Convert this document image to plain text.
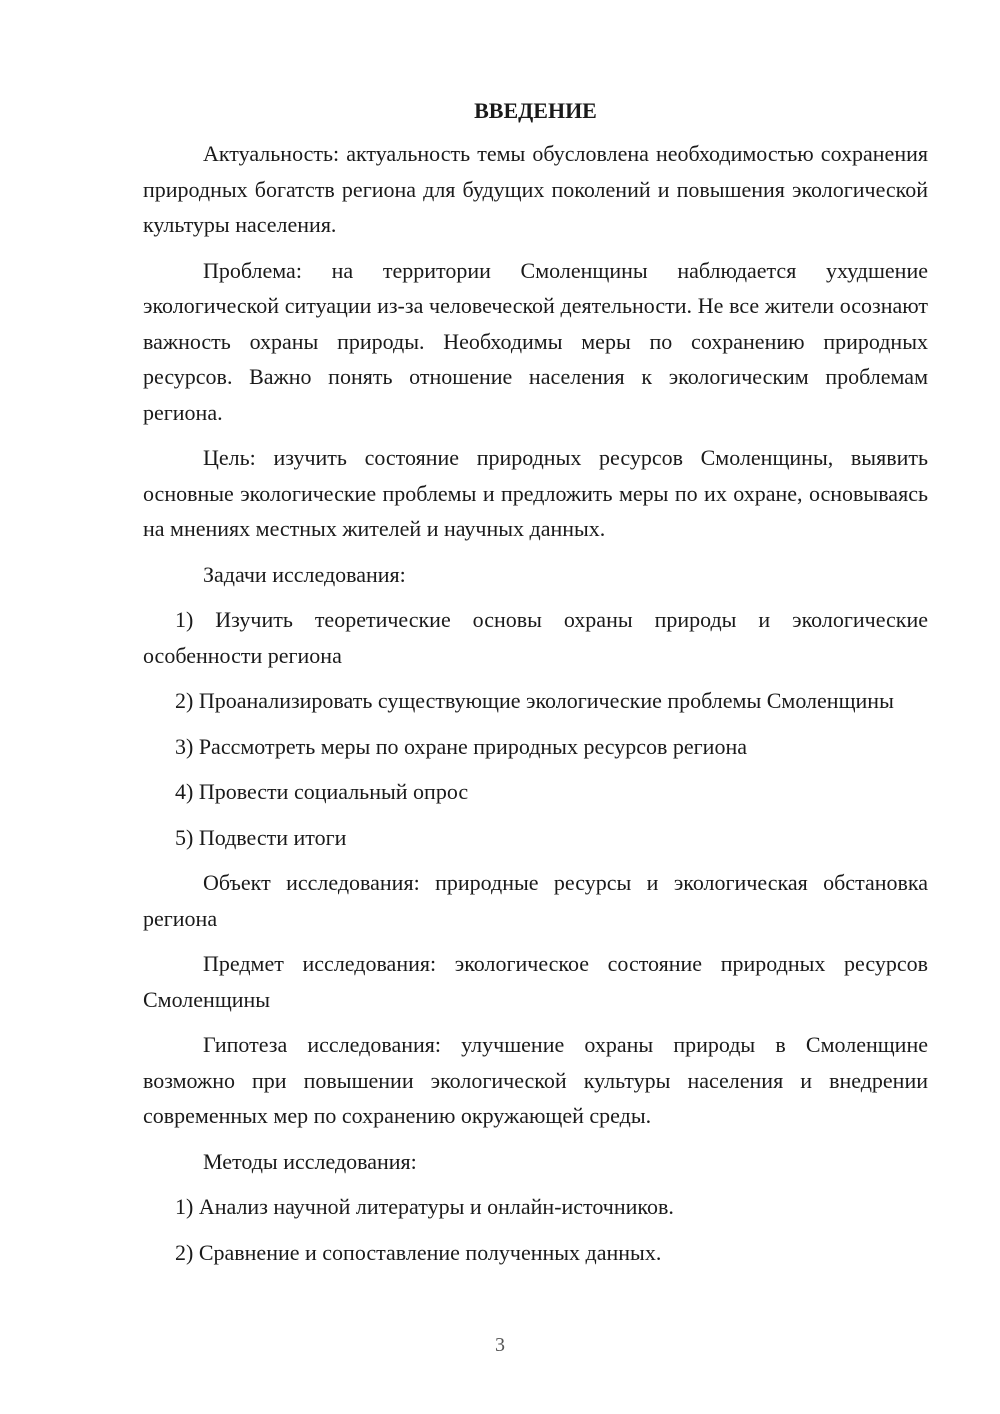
ВВЕДЕНИЕ

Актуальность: актуальность темы обусловлена необходимостью сохранения природных богатств региона для будущих поколений и повышения экологической культуры населения.

Проблема: на территории Смоленщины наблюдается ухудшение экологической ситуации из-за человеческой деятельности. Не все жители осознают важность охраны природы. Необходимы меры по сохранению природных ресурсов. Важно понять отношение населения к экологическим проблемам региона.

Цель: изучить состояние природных ресурсов Смоленщины, выявить основные экологические проблемы и предложить меры по их охране, основываясь на мнениях местных жителей и научных данных.

Задачи исследования:

1) Изучить теоретические основы охраны природы и экологические особенности региона

2) Проанализировать существующие экологические проблемы Смоленщины

3) Рассмотреть меры по охране природных ресурсов региона

4) Провести социальный опрос

5) Подвести итоги

Объект исследования: природные ресурсы и экологическая обстановка региона

Предмет исследования: экологическое состояние природных ресурсов Смоленщины

Гипотеза исследования: улучшение охраны природы в Смоленщине возможно при повышении экологической культуры населения и внедрении современных мер по сохранению окружающей среды.

Методы исследования:

1) Анализ научной литературы и онлайн-источников.

2) Сравнение и сопоставление полученных данных.

3
